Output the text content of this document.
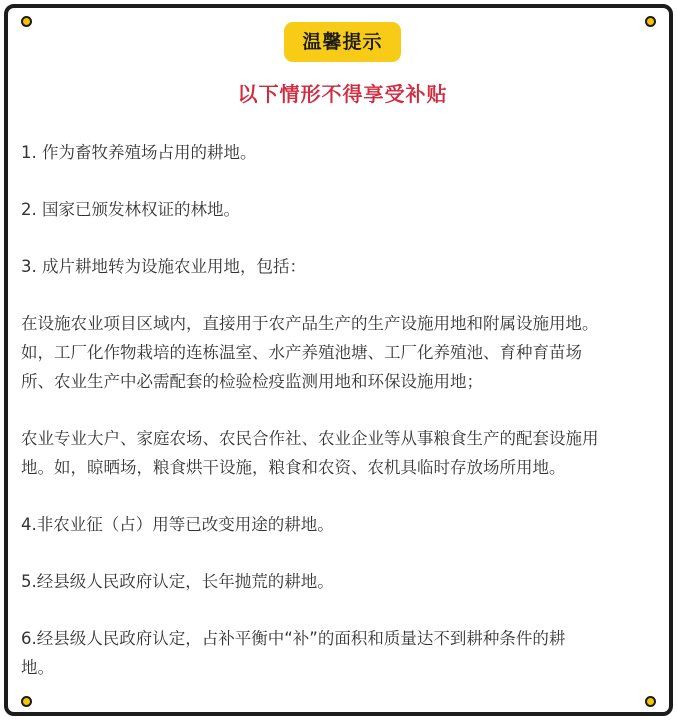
温馨提示
以下情形不得享受补贴
1. 作为畜牧养殖场占用的耕地。
2. 国家已颁发林权证的林地。
3. 成片耕地转为设施农业用地，包括：
在设施农业项目区域内，直接用于农产品生产的生产设施用地和附属设施用地。
如，工厂化作物栽培的连栋温室、水产养殖池塘、工厂化养殖池、育种育苗场
所、农业生产中必需配套的检验检疫监测用地和环保设施用地；
农业专业大户、家庭农场、农民合作社、农业企业等从事粮食生产的配套设施用
地。如，晾晒场，粮食烘干设施，粮食和农资、农机具临时存放场所用地。
4.非农业征（占）用等已改变用途的耕地。
5.经县级人民政府认定，长年抛荒的耕地。
6.经县级人民政府认定，占补平衡中“补”的面积和质量达不到耕种条件的耕
地。
